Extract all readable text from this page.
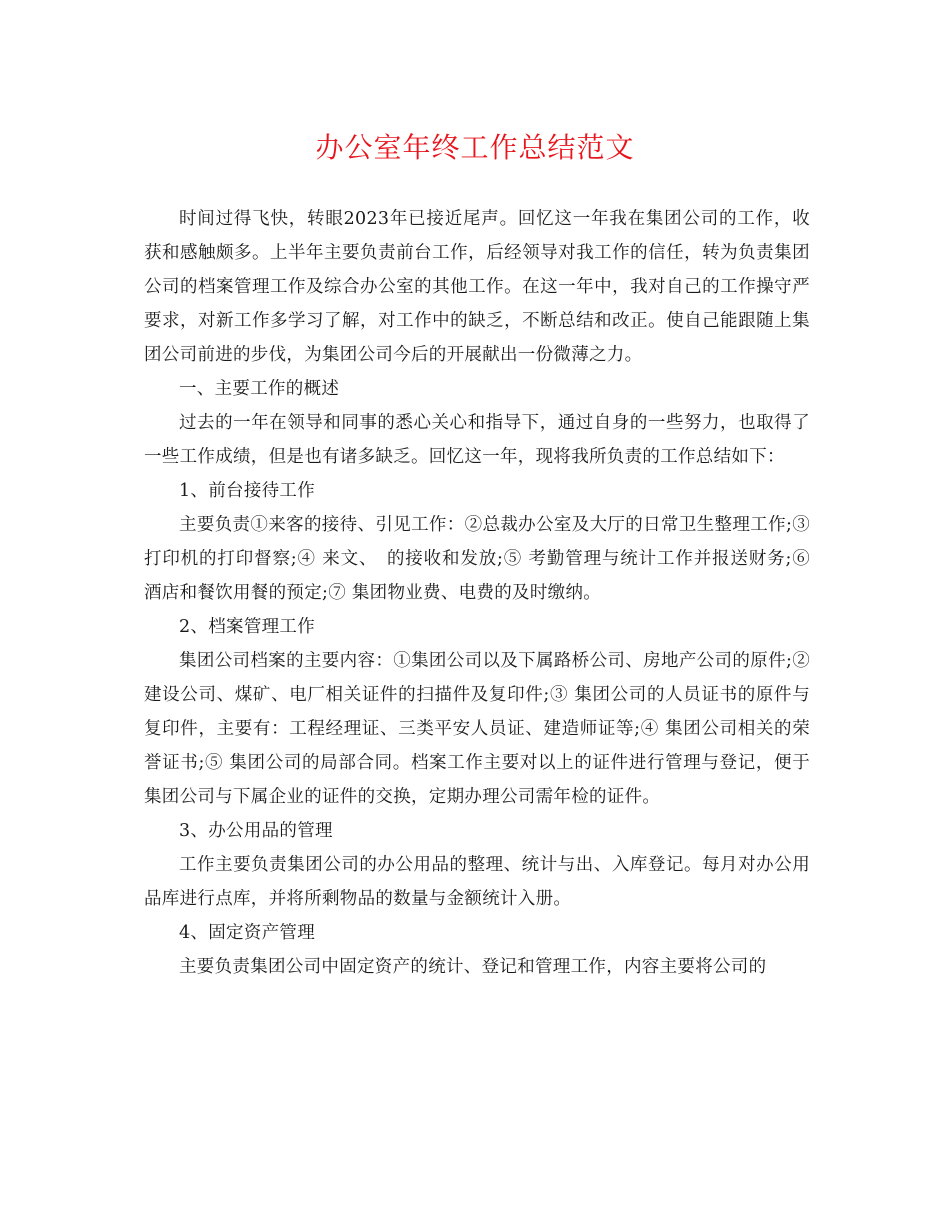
办公室年终工作总结范文

时间过得飞快，转眼2023年已接近尾声。回忆这一年我在集团公司的工作，收获和感触颇多。上半年主要负责前台工作，后经领导对我工作的信任，转为负责集团公司的档案管理工作及综合办公室的其他工作。在这一年中，我对自己的工作操守严要求，对新工作多学习了解，对工作中的缺乏，不断总结和改正。使自己能跟随上集团公司前进的步伐，为集团公司今后的开展献出一份微薄之力。

一、主要工作的概述

过去的一年在领导和同事的悉心关心和指导下，通过自身的一些努力，也取得了一些工作成绩，但是也有诸多缺乏。回忆这一年，现将我所负责的工作总结如下：

1、前台接待工作

主要负责①来客的接待、引见工作：②总裁办公室及大厅的日常卫生整理工作;③ 打印机的打印督察;④ 来文、　的接收和发放;⑤ 考勤管理与统计工作并报送财务;⑥ 酒店和餐饮用餐的预定;⑦ 集团物业费、电费的及时缴纳。

2、档案管理工作

集团公司档案的主要内容：①集团公司以及下属路桥公司、房地产公司的原件;② 建设公司、煤矿、电厂相关证件的扫描件及复印件;③ 集团公司的人员证书的原件与复印件，主要有：工程经理证、三类平安人员证、建造师证等;④ 集团公司相关的荣誉证书;⑤ 集团公司的局部合同。档案工作主要对以上的证件进行管理与登记，便于集团公司与下属企业的证件的交换，定期办理公司需年检的证件。

3、办公用品的管理

工作主要负责集团公司的办公用品的整理、统计与出、入库登记。每月对办公用品库进行点库，并将所剩物品的数量与金额统计入册。

4、固定资产管理

主要负责集团公司中固定资产的统计、登记和管理工作，内容主要将公司的
